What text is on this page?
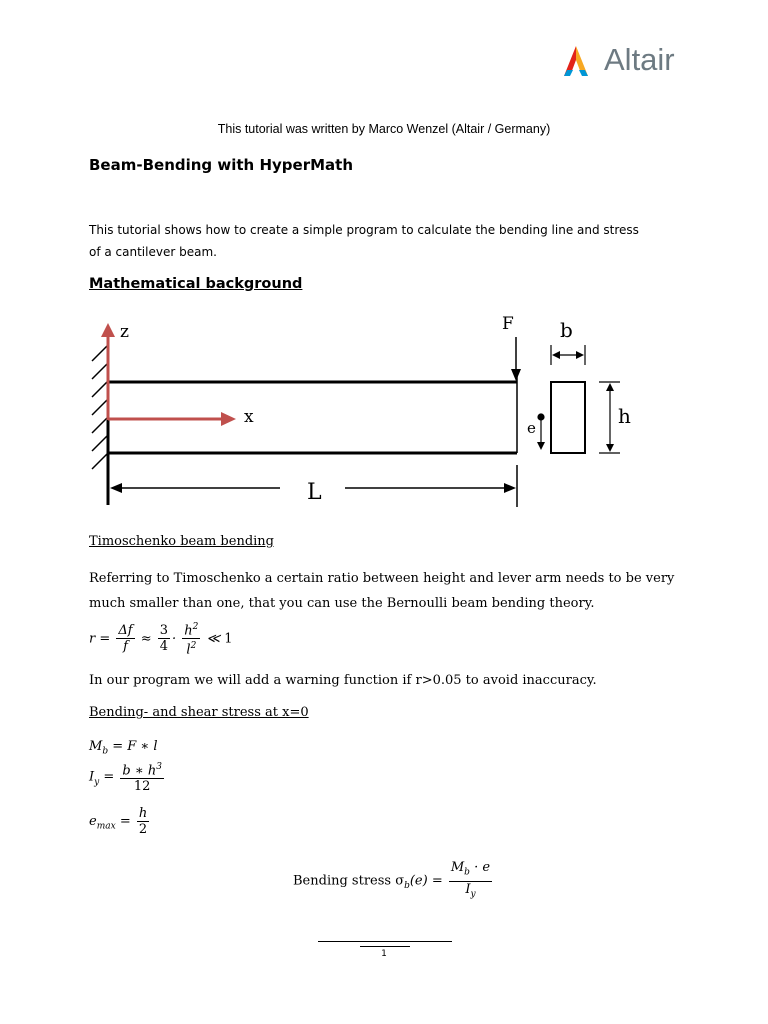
Altair
This tutorial was written by Marco Wenzel (Altair / Germany)
Beam-Bending with HyperMath
This tutorial shows how to create a simple program to calculate the bending line and stress of a cantilever beam.
Mathematical background
z
x
F
L
b
h
e
Timoschenko beam bending
Referring to Timoschenko a certain ratio between height and lever arm needs to be very much smaller than one, that you can use the Bernoulli beam bending theory.
$r = \frac{\Delta f}{f} \approx \frac{3}{4} \cdot \frac{h^2}{l^2}$ ≪ 1
In our program we will add a warning function if r>0.05 to avoid inaccuracy.
Bending- and shear stress at x=0
$M_b = F$ ∗ l
$I_y = \frac{b ∗ h^3}{12}$
$e_{max} = \frac{h}{2}$
Bending stress $\sigma_b(e) = \frac{M_b \cdot e}{I_y}$
1
